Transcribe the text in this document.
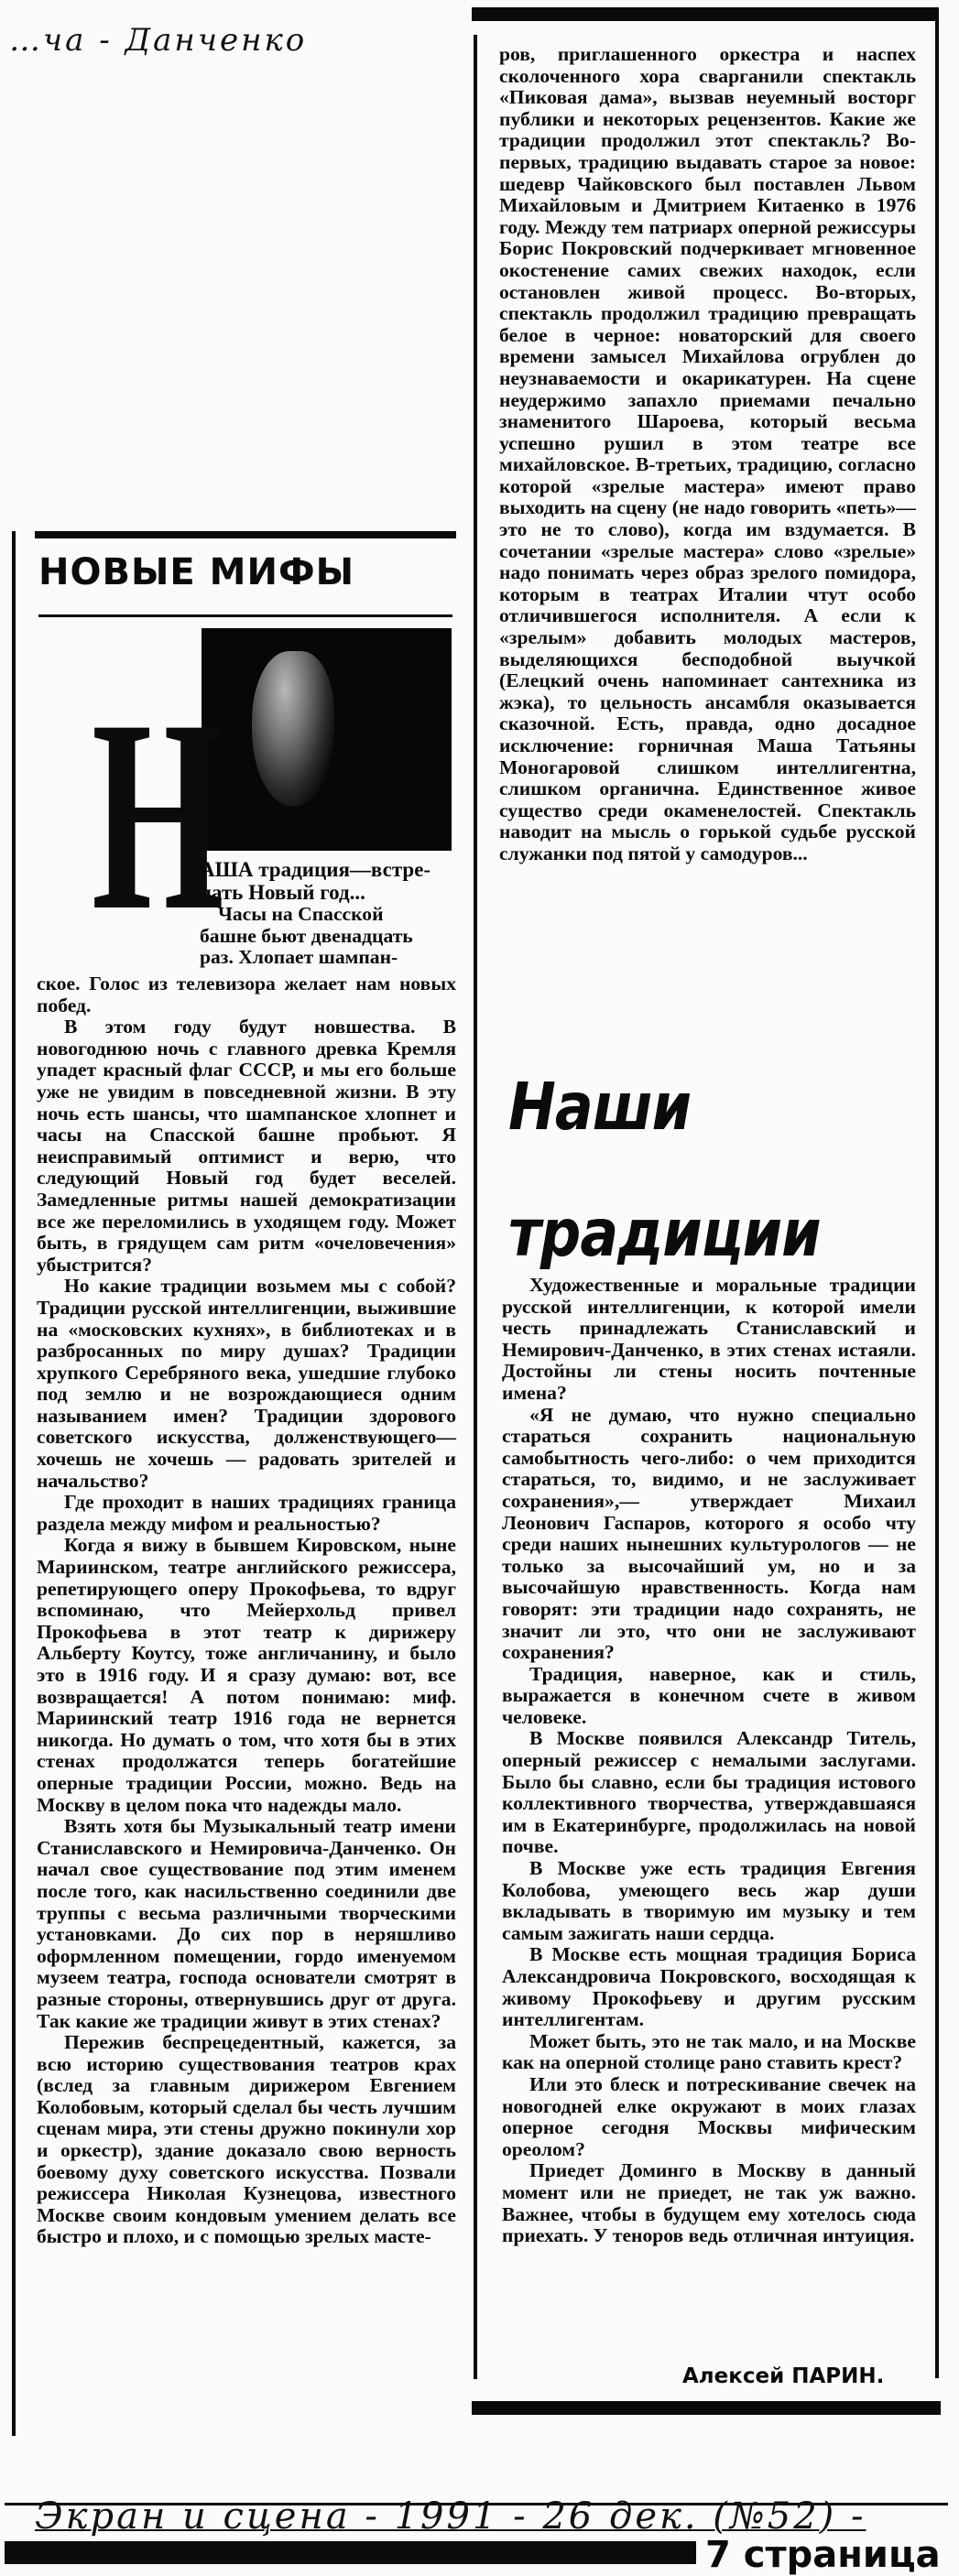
…чa - Данченко
НОВЫЕ МИФЫ
Н

АША традиция—встре-

чать Новый год...

Часы на Спасской

башне бьют двенадцать

раз. Хлопает шампан-

ское. Голос из телевизора желает нам новых побед.

В этом году будут новшества. В новогоднюю ночь с главного древка Кремля упадет красный флаг СССР, и мы его больше уже не увидим в повседневной жизни. В эту ночь есть шансы, что шампанское хлопнет и часы на Спасской башне пробьют. Я неисправимый оптимист и верю, что следующий Новый год будет веселей. Замедленные ритмы нашей демократизации все же переломились в уходящем году. Может быть, в грядущем сам ритм «очеловечения» убыстрится?

Но какие традиции возьмем мы с собой? Традиции русской интеллигенции, выжившие на «московских кухнях», в библиотеках и в разбросанных по миру душах? Традиции хрупкого Серебряного века, ушедшие глубоко под землю и не возрождающиеся одним называнием имен? Традиции здорового советского искусства, долженствующего—хочешь не хочешь — радовать зрителей и начальство?

Где проходит в наших традициях граница раздела между мифом и реальностью?

Когда я вижу в бывшем Кировском, ныне Мариинском, театре английского режиссера, репетирующего оперу Прокофьева, то вдруг вспоминаю, что Мейерхольд привел Прокофьева в этот театр к дирижеру Альберту Коутсу, тоже англичанину, и было это в 1916 году. И я сразу думаю: вот, все возвращается! А потом понимаю: миф. Мариинский театр 1916 года не вернется никогда. Но думать о том, что хотя бы в этих стенах продолжатся теперь богатейшие оперные традиции России, можно. Ведь на Москву в целом пока что надежды мало.

Взять хотя бы Музыкальный театр имени Станиславского и Немировича-Данченко. Он начал свое существование под этим именем после того, как насильственно соединили две труппы с весьма различными творческими установками. До сих пор в неряшливо оформленном помещении, гордо именуемом музеем театра, господа основатели смотрят в разные стороны, отвернувшись друг от друга. Так какие же традиции живут в этих стенах?

Пережив беспрецедентный, кажется, за всю историю существования театров крах (вслед за главным дирижером Евгением Колобовым, который сделал бы честь лучшим сценам мира, эти стены дружно покинули хор и оркестр), здание доказало свою верность боевому духу советского искусства. Позвали режиссера Николая Кузнецова, известного Москве своим кондовым умением делать все быстро и плохо, и с помощью зрелых масте-

ров, приглашенного оркестра и наспех сколоченного хора сварганили спектакль «Пиковая дама», вызвав неуемный восторг публики и некоторых рецензентов. Какие же традиции продолжил этот спектакль? Во-первых, традицию выдавать старое за новое: шедевр Чайковского был поставлен Львом Михайловым и Дмитрием Китаенко в 1976 году. Между тем патриарх оперной режиссуры Борис Покровский подчеркивает мгновенное окостенение самих свежих находок, если остановлен живой процесс. Во-вторых, спектакль продолжил традицию превращать белое в черное: новаторский для своего времени замысел Михайлова огрублен до неузнаваемости и окарикатурен. На сцене неудержимо запахло приемами печально знаменитого Шароева, который весьма успешно рушил в этом театре все михайловское. В-третьих, традицию, согласно которой «зрелые мастера» имеют право выходить на сцену (не надо говорить «петь»—это не то слово), когда им вздумается. В сочетании «зрелые мастера» слово «зрелые» надо понимать через образ зрелого помидора, которым в театрах Италии чтут особо отличившегося исполнителя. А если к «зрелым» добавить молодых мастеров, выделяющихся бесподобной выучкой (Елецкий очень напоминает сантехника из жэка), то цельность ансамбля оказывается сказочной. Есть, правда, одно досадное исключение: горничная Маша Татьяны Моногаровой слишком интеллигентна, слишком органична. Единственное живое существо среди окаменелостей. Спектакль наводит на мысль о горькой судьбе русской служанки под пятой у самодуров...

Наши
традиции

Художественные и моральные традиции русской интеллигенции, к которой имели честь принадлежать Станиславский и Немирович-Данченко, в этих стенах истаяли. Достойны ли стены носить почтенные имена?

«Я не думаю, что нужно специально стараться сохранить национальную самобытность чего-либо: о чем приходится стараться, то, видимо, и не заслуживает сохранения»,— утверждает Михаил Леонович Гаспаров, которого я особо чту среди наших нынешних культурологов — не только за высочайший ум, но и за высочайшую нравственность. Когда нам говорят: эти традиции надо сохранять, не значит ли это, что они не заслуживают сохранения?

Традиция, наверное, как и стиль, выражается в конечном счете в живом человеке.

В Москве появился Александр Титель, оперный режиссер с немалыми заслугами. Было бы славно, если бы традиция истового коллективного творчества, утверждавшаяся им в Екатеринбурге, продолжилась на новой почве.

В Москве уже есть традиция Евгения Колобова, умеющего весь жар души вкладывать в творимую им музыку и тем самым зажигать наши сердца.

В Москве есть мощная традиция Бориса Александровича Покровского, восходящая к живому Прокофьеву и другим русским интеллигентам.

Может быть, это не так мало, и на Москве как на оперной столице рано ставить крест?

Или это блеск и потрескивание свечек на новогодней елке окружают в моих глазах оперное сегодня Москвы мифическим ореолом?

Приедет Доминго в Москву в данный момент или не приедет, не так уж важно. Важнее, чтобы в будущем ему хотелось сюда приехать. У теноров ведь отличная интуиция.

Алексей ПАРИН.
Экран и сцена - 1991 - 26 дек. (№52) -
7 страница
